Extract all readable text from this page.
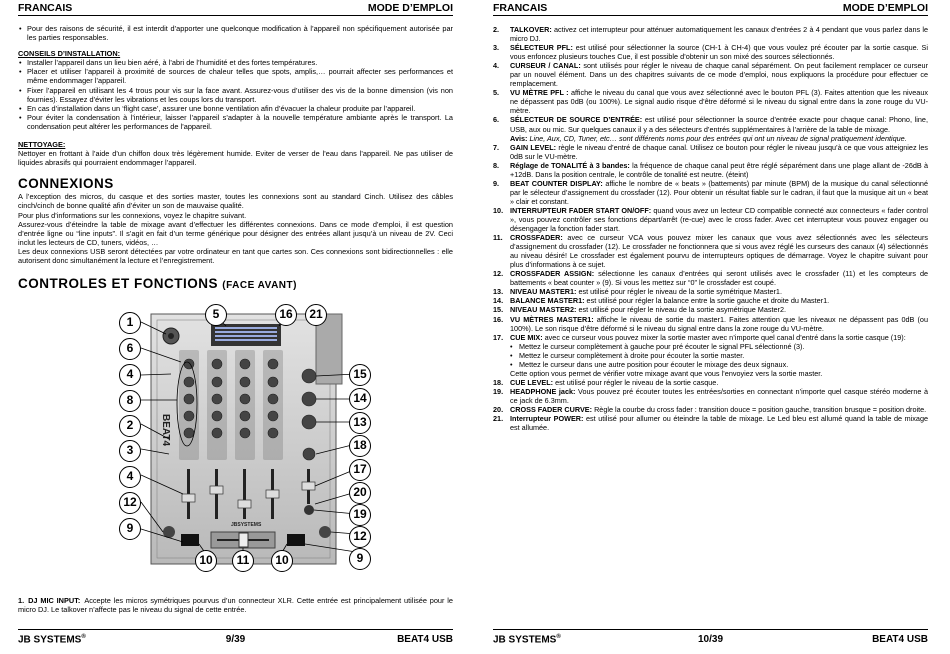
FRANCAIS	MODE D’EMPLOI
• Pour des raisons de sécurité, il est interdit d’apporter une quelconque modification à l’appareil non spécifiquement autorisée par les parties responsables.
CONSEILS D’INSTALLATION:
• Installer l’appareil dans un lieu bien aéré, à l’abri de l’humidité et des fortes températures.
• Placer et utiliser l’appareil à proximité de sources de chaleur telles que spots, amplis,… pourrait affecter ses performances et même endommager l’appareil.
• Fixer l’appareil en utilisant les 4 trous pour vis sur la face avant. Assurez-vous d’utiliser des vis de la bonne dimension (vis non fournies). Essayez d’éviter les vibrations et les coups lors du transport.
• En cas d’installation dans un ‘flight case’, assurer une bonne ventilation afin d’évacuer la chaleur produite par l’appareil.
• Pour éviter la condensation à l’intérieur, laisser l’appareil s’adapter à la nouvelle température ambiante après le transport. La condensation peut altérer les performances de l’appareil.
NETTOYAGE:

Nettoyer en frottant à l’aide d’un chiffon doux très légèrement humide. Eviter de verser de l’eau dans l’appareil. Ne pas utiliser de liquides abrasifs qui pourraient endommager l’appareil.

CONNEXIONS

A l’exception des micros, du casque et des sorties master, toutes les connexions sont au standard Cinch. Utilisez des câbles cinch/cinch de bonne qualité afin d’éviter un son de mauvaise qualité.
Pour plus d’informations sur les connexions, voyez le chapitre suivant.
Assurez-vous d’éteindre la table de mixage avant d’effectuer les différentes connexions. Dans ce mode d’emploi, il est question d’entrée ligne ou “line inputs”. Il s’agit en fait d’un terme générique pour désigner des entrées allant jusqu’à un niveau de 2V. Ceci inclut les lecteurs de CD, tuners, vidéos, …
Les deux connexions USB seront détectées par votre ordinateur en tant que cartes son. Ces connexions sont bidirectionnelles : elle autorisent donc simultanément la lecture et l’enregistrement.

CONTROLES ET FONCTIONS (FACE AVANT)
BEAT4
JBSYSTEMS
1
6
4
8
2
3
4
12
9
5	16	21
15
14
13
18
17
20
19
12
9
10	11	10
1. DJ MIC INPUT: Accepte les micros symétriques pourvus d’un connecteur XLR. Cette entrée est principalement utilisée pour le micro DJ. Le talkover n’affecte pas le niveau du signal de cette entrée.
JB SYSTEMS®	9/39	BEAT4 USB
FRANCAIS	MODE D’EMPLOI
2. TALKOVER: activez cet interrupteur pour atténuer automatiquement les canaux d’entrées 2 à 4 pendant que vous parlez dans le micro DJ.
3. SÉLECTEUR PFL: est utilisé pour sélectionner la source (CH-1 à CH-4) que vous voulez pré écouter par la sortie casque. Si vous enfoncez plusieurs touches Cue, il est possible d’obtenir un son mixé des sources sélectionnés.
4. CURSEUR / CANAL: sont utilisés pour régler le niveau de chaque canal séparément. On peut facilement remplacer ce curseur par un nouvel élément. Dans un des chapitres suivants de ce mode d’emploi, nous expliquons la procédure pour effectuer ce remplacement.
5. VU MÈTRE PFL : affiche le niveau du canal que vous avez sélectionné avec le bouton PFL (3). Faites attention que les niveaux ne dépassent pas 0dB (ou 100%). Le signal audio risque d’être déformé si le niveau du signal entre dans la zone rouge du VU-mètre.
6. SÉLECTEUR DE SOURCE D’ENTRÉE: est utilisé pour sélectionner la source d’entrée exacte pour chaque canal: Phono, line, USB, aux ou mic. Sur quelques canaux il y a des sélecteurs d’entrés supplémentaires à l’arrière de la table de mixage.
Avis: Line, Aux, CD, Tuner, etc… sont différents noms pour des entrées qui ont un niveau de signal pratiquement identique.
7. GAIN LEVEL: règle le niveau d’entré de chaque canal. Utilisez ce bouton pour régler le niveau jusqu’à ce que vous atteigniez les 0dB sur le VU-mètre.
8. Réglage de TONALITÉ à 3 bandes: la fréquence de chaque canal peut être réglé séparément dans une plage allant de -26dB à +12dB. Dans la position centrale, le contrôle de tonalité est neutre. (éteint)
9. BEAT COUNTER DISPLAY: affiche le nombre de « beats » (battements) par minute (BPM) de la musique du canal sélectionné par le sélecteur d’assignement du crossfader (12). Pour obtenir un résultat fiable sur le cadran, il faut que la musique ait un « beat » clair et constant.
10. INTERRUPTEUR FADER START ON/OFF: quand vous avez un lecteur CD compatible connecté aux connecteurs « fader control », vous pouvez contrôler ses fonctions départ/arrêt (re-cue) avec le cross fader. Avec cet interrupteur vous pouvez engager ou désengager la fonction fader start.
11. CROSSFADER: avec ce curseur VCA vous pouvez mixer les canaux que vous avez sélectionnés avec les sélecteurs d’assignement du crossfader (12). Le crossfader ne fonctionnera que si vous avez réglé les curseurs des canaux (4) sélectionnés au niveau désiré! Le crossfader est également pourvu de interrupteurs optiques de démarrage. Voyez le chapitre suivant pour plus d’informations à ce sujet.
12. CROSSFADER ASSIGN: sélectionne les canaux d’entrées qui seront utilisés avec le crossfader (11) et les compteurs de battements « beat counter » (9). Si vous les mettez sur “0” le crossfader est coupé.
13. NIVEAU MASTER1: est utilisé pour régler le niveau de la sortie symétrique Master1.
14. BALANCE MASTER1: est utilisé pour régler la balance entre la sortie gauche et droite du Master1.
15. NIVEAU MASTER2: est utilisé pour régler le niveau de la sortie asymétrique Master2.
16. VU MÈTRES MASTER1: affiche le niveau de sortie du master1. Faites attention que les niveaux ne dépassent pas 0dB (ou 100%). Le son risque d’être déformé si le niveau du signal entre dans la zone rouge du VU-mètre.
17. CUE MIX: avec ce curseur vous pouvez mixer la sortie master avec n’importe quel canal d’entré dans la sortie casque (19):
• Mettez le curseur complètement à gauche pour pré écouter le signal PFL sélectionné (3).
• Mettez le curseur complètement à droite pour écouter la sortie master.
• Mettez le curseur dans une autre position pour écouter le mixage des deux signaux.
Cette option vous permet de vérifier votre mixage avant que vous l’envoyiez vers la sortie master.
18. CUE LEVEL: est utilisé pour régler le niveau de la sortie casque.
19. HEADPHONE jack: Vous pouvez pré écouter toutes les entrées/sorties en connectant n’importe quel casque stéréo moderne à ce jack de 6.3mm.
20. CROSS FADER CURVE: Règle la courbe du cross fader : transition douce = position gauche, transition brusque = position droite.
21. Interrupteur POWER: est utilisé pour allumer ou éteindre la table de mixage. Le Led bleu est allumé quand la table de mixage est allumée.
JB SYSTEMS®	10/39	BEAT4 USB
